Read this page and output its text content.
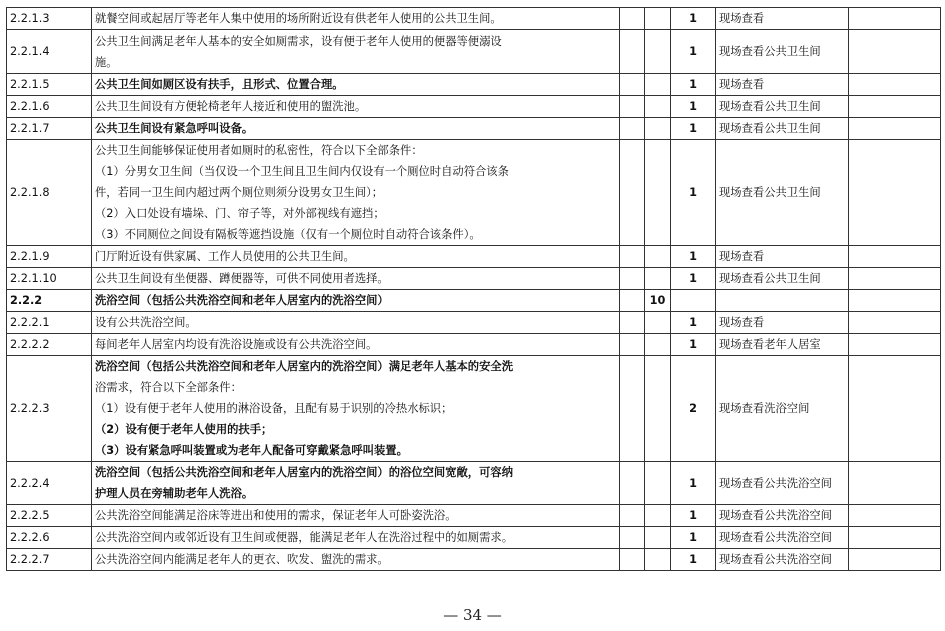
2.2.1.3	就餐空间或起居厅等老年人集中使用的场所附近设有供老年人使用的公共卫生间。			1	现场查看	
2.2.1.4	公共卫生间满足老年人基本的安全如厕需求，设有便于老年人使用的便器等便溺设
施。			1	现场查看公共卫生间	
2.2.1.5	公共卫生间如厕区设有扶手，且形式、位置合理。			1	现场查看	
2.2.1.6	公共卫生间设有方便轮椅老年人接近和使用的盥洗池。			1	现场查看公共卫生间	
2.2.1.7	公共卫生间设有紧急呼叫设备。			1	现场查看公共卫生间	
2.2.1.8	公共卫生间能够保证使用者如厕时的私密性，符合以下全部条件：
（1）分男女卫生间（当仅设一个卫生间且卫生间内仅设有一个厕位时自动符合该条
件，若同一卫生间内超过两个厕位则须分设男女卫生间）；
（2）入口处设有墙垛、门、帘子等，对外部视线有遮挡；
（3）不同厕位之间设有隔板等遮挡设施（仅有一个厕位时自动符合该条件）。			1	现场查看公共卫生间	
2.2.1.9	门厅附近设有供家属、工作人员使用的公共卫生间。			1	现场查看	
2.2.1.10	公共卫生间设有坐便器、蹲便器等，可供不同使用者选择。			1	现场查看公共卫生间	
2.2.2	洗浴空间（包括公共洗浴空间和老年人居室内的洗浴空间）		10			
2.2.2.1	设有公共洗浴空间。			1	现场查看	
2.2.2.2	每间老年人居室内均设有洗浴设施或设有公共洗浴空间。			1	现场查看老年人居室	
2.2.2.3	洗浴空间（包括公共洗浴空间和老年人居室内的洗浴空间）满足老年人基本的安全洗
浴需求，符合以下全部条件：
（1）设有便于老年人使用的淋浴设备，且配有易于识别的冷热水标识；
（2）设有便于老年人使用的扶手；
（3）设有紧急呼叫装置或为老年人配备可穿戴紧急呼叫装置。			2	现场查看洗浴空间	
2.2.2.4	洗浴空间（包括公共洗浴空间和老年人居室内的洗浴空间）的浴位空间宽敞，可容纳
护理人员在旁辅助老年人洗浴。			1	现场查看公共洗浴空间	
2.2.2.5	公共洗浴空间能满足浴床等进出和使用的需求，保证老年人可卧姿洗浴。			1	现场查看公共洗浴空间	
2.2.2.6	公共洗浴空间内或邻近设有卫生间或便器，能满足老年人在洗浴过程中的如厕需求。			1	现场查看公共洗浴空间	
2.2.2.7	公共洗浴空间内能满足老年人的更衣、吹发、盥洗的需求。			1	现场查看公共洗浴空间	
— 34 —
